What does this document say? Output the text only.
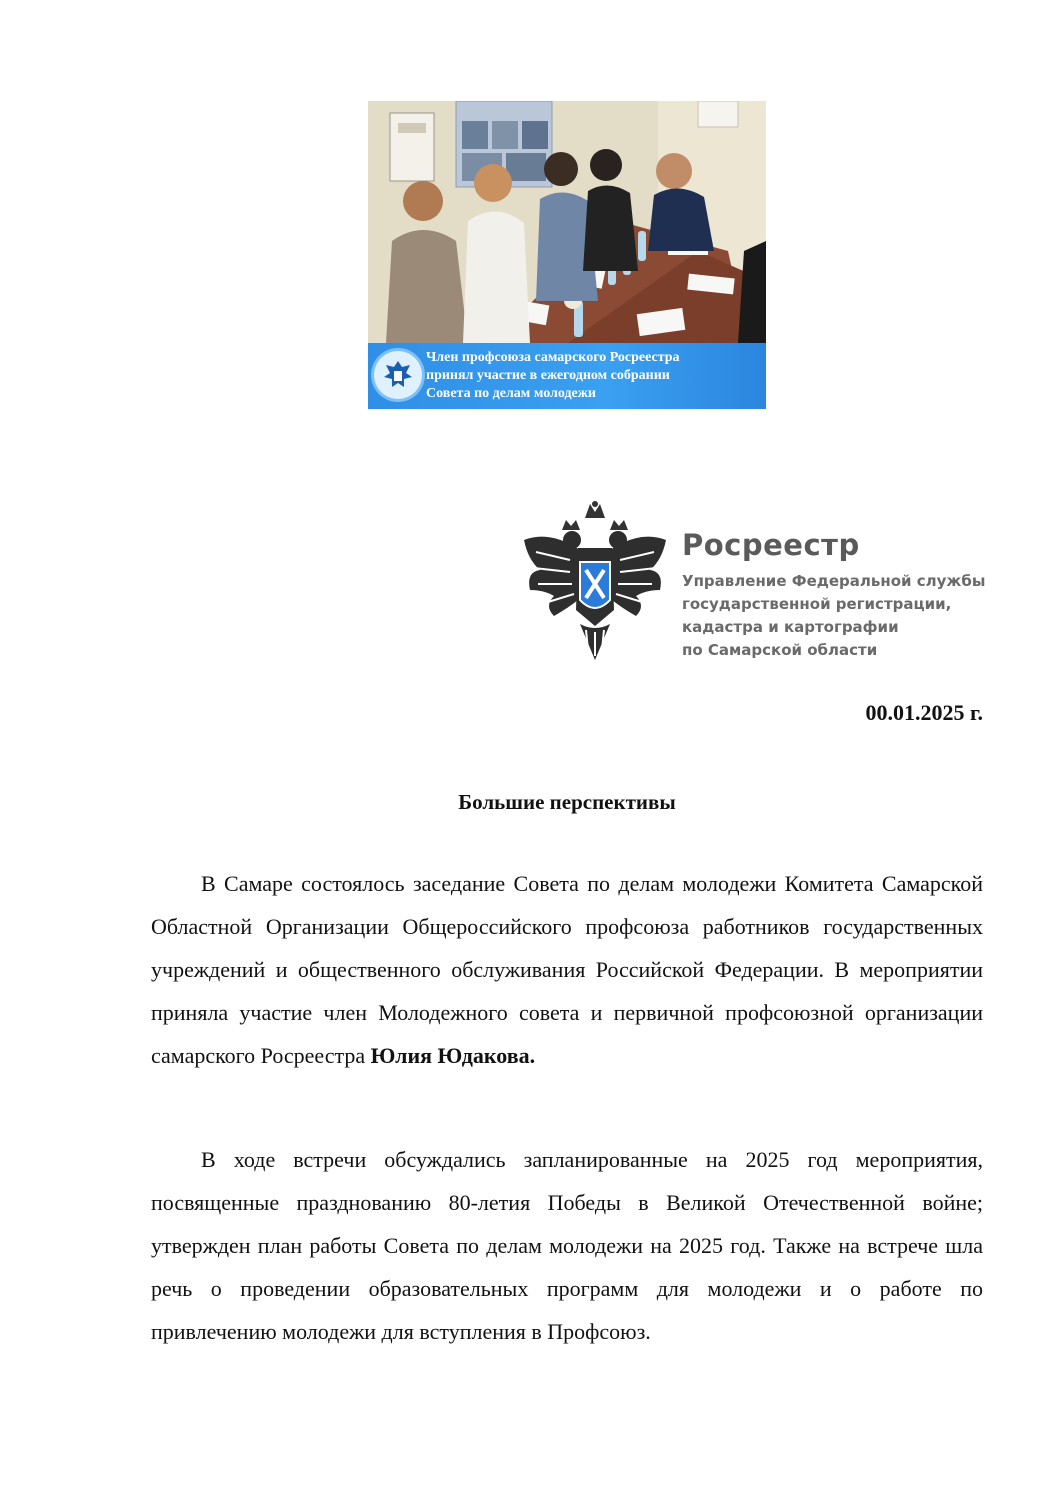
Член профсоюза самарского Росреестра
принял участие в ежегодном собрании
Совета по делам молодежи
Росреестр
Управление Федеральной службы
государственной регистрации,
кадастра и картографии
по Самарской области
00.01.2025 г.
Большие перспективы
В Самаре состоялось заседание Совета по делам молодежи Комитета Самарской Областной Организации Общероссийского профсоюза работников государственных учреждений и общественного обслуживания Российской Федерации. В мероприятии приняла участие член Молодежного совета и первичной профсоюзной организации самарского Росреестра Юлия Юдакова.
В ходе встречи обсуждались запланированные на 2025 год мероприятия, посвященные празднованию 80-летия Победы в Великой Отечественной войне; утвержден план работы Совета по делам молодежи на 2025 год. Также на встрече шла речь о проведении образовательных программ для молодежи и о работе по привлечению молодежи для вступления в Профсоюз.
